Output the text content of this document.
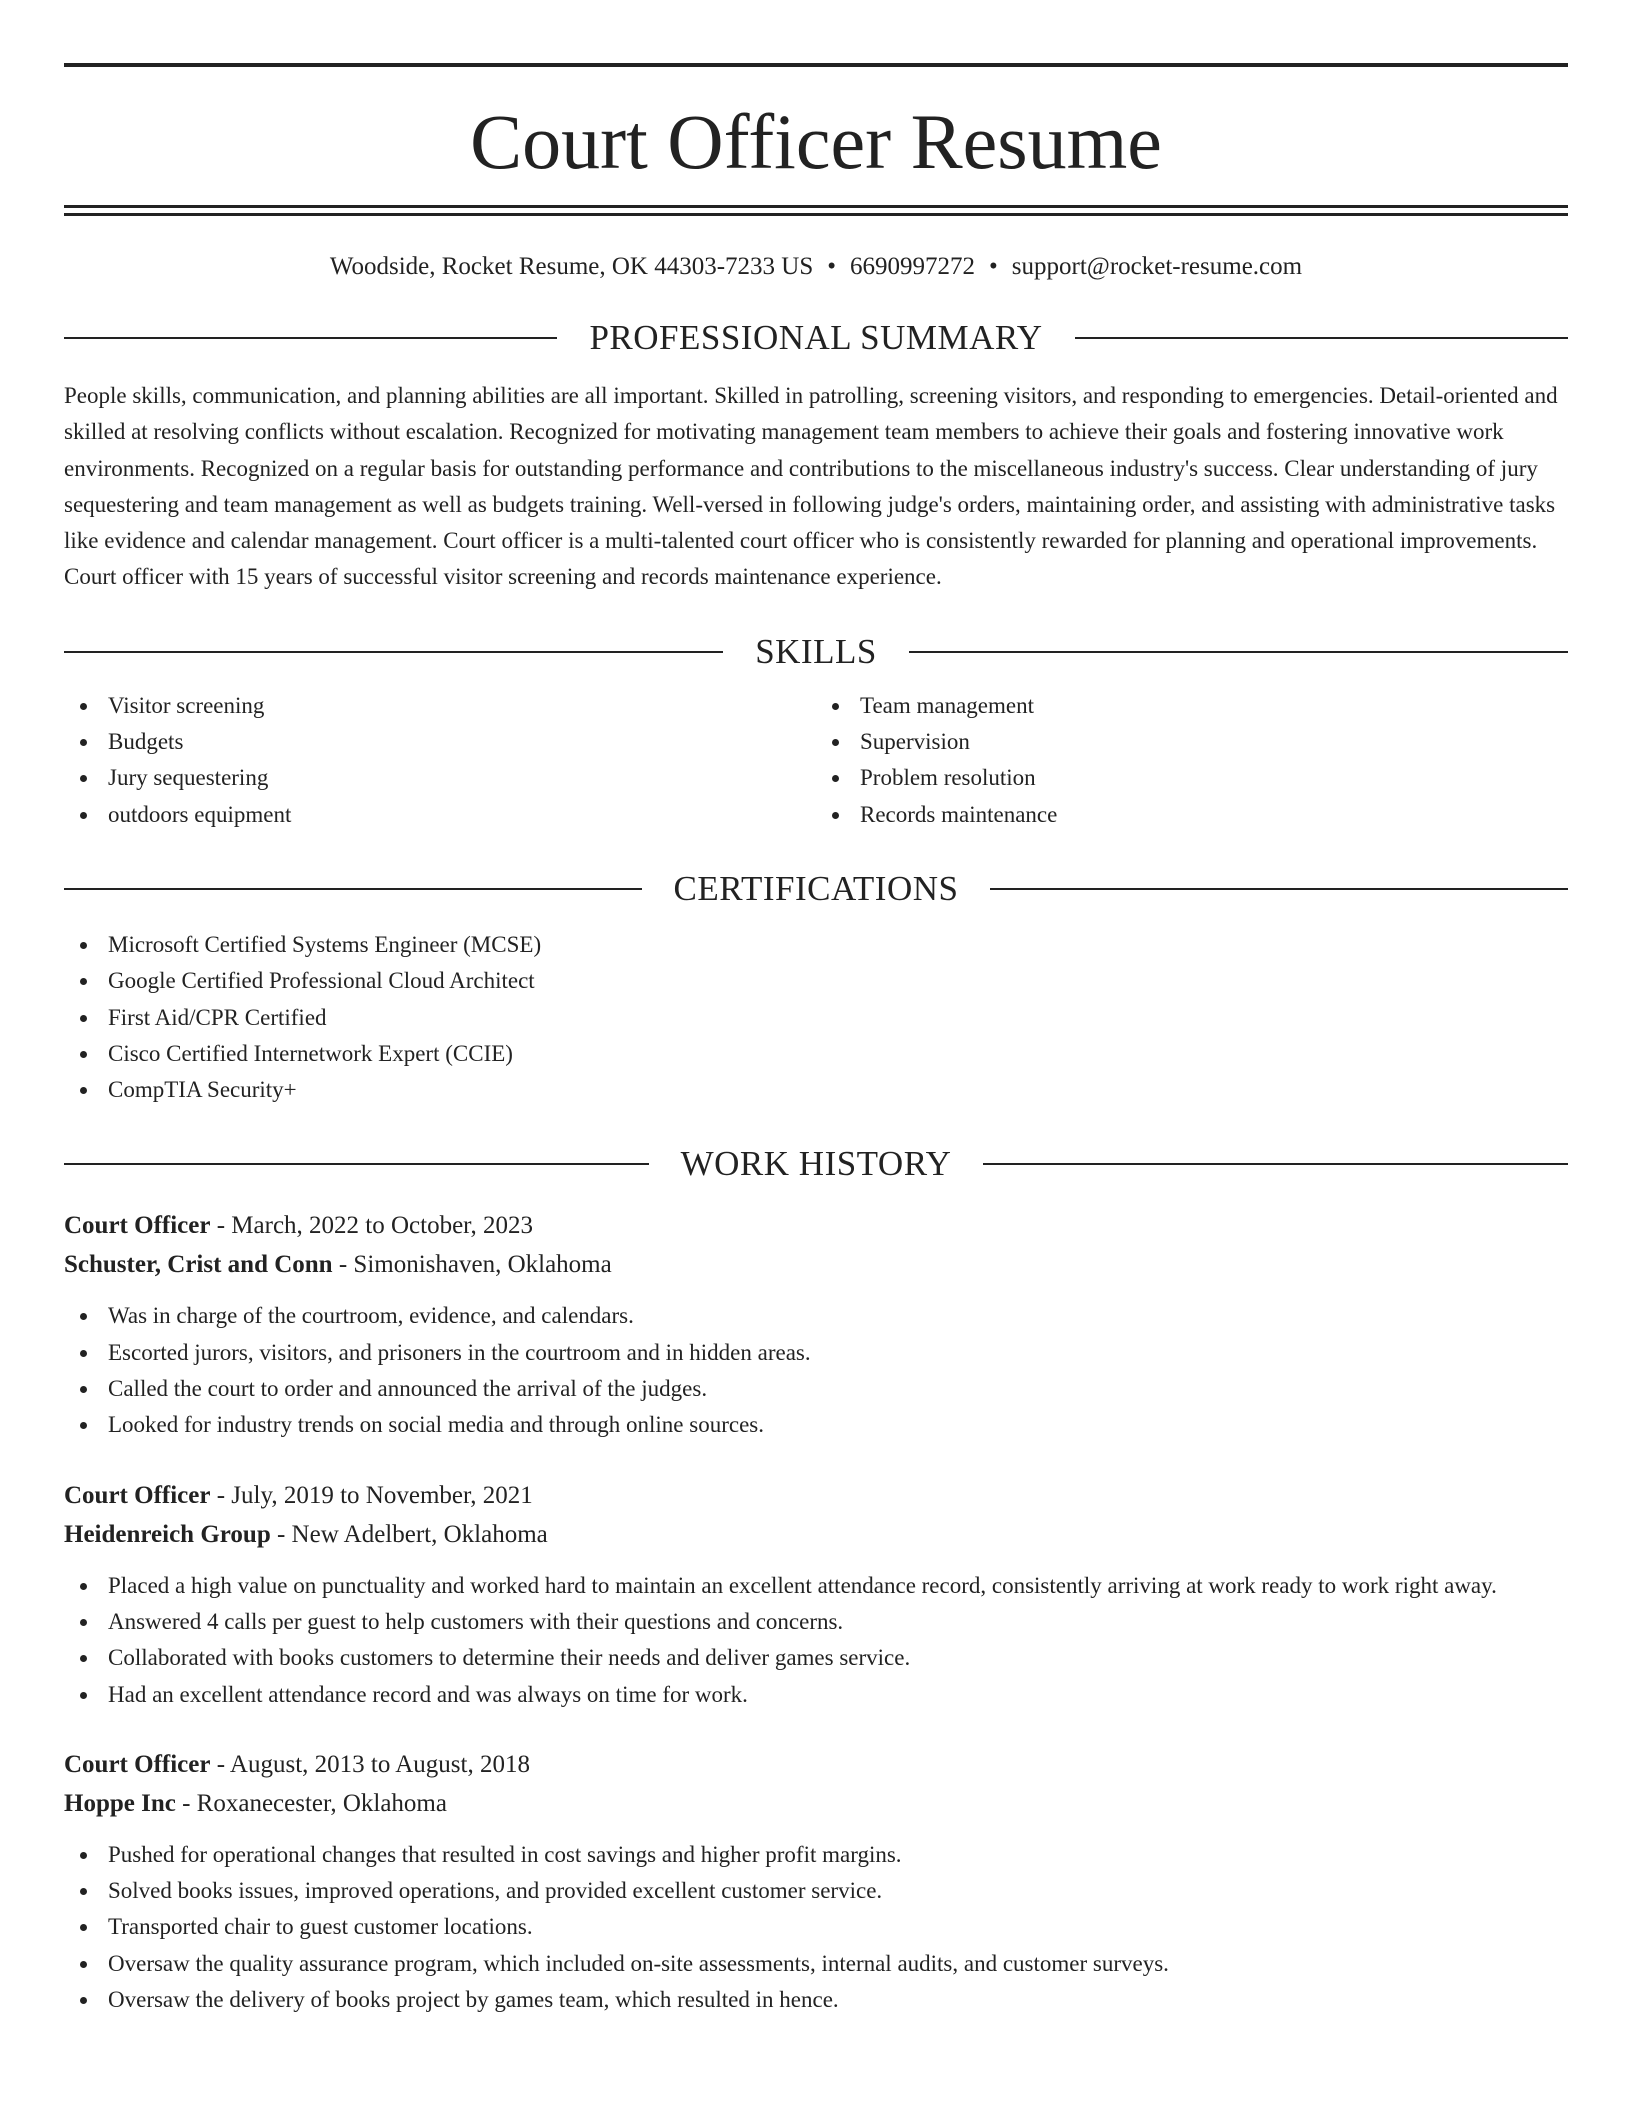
Court Officer Resume
Woodside, Rocket Resume, OK 44303-7233 US • 6690997272 • support@rocket-resume.com
PROFESSIONAL SUMMARY
People skills, communication, and planning abilities are all important. Skilled in patrolling, screening visitors, and responding to emergencies. Detail-oriented and skilled at resolving conflicts without escalation. Recognized for motivating management team members to achieve their goals and fostering innovative work environments. Recognized on a regular basis for outstanding performance and contributions to the miscellaneous industry's success. Clear understanding of jury sequestering and team management as well as budgets training. Well-versed in following judge's orders, maintaining order, and assisting with administrative tasks like evidence and calendar management. Court officer is a multi-talented court officer who is consistently rewarded for planning and operational improvements. Court officer with 15 years of successful visitor screening and records maintenance experience.
SKILLS
Visitor screening
Budgets
Jury sequestering
outdoors equipment
Team management
Supervision
Problem resolution
Records maintenance
CERTIFICATIONS
Microsoft Certified Systems Engineer (MCSE)
Google Certified Professional Cloud Architect
First Aid/CPR Certified
Cisco Certified Internetwork Expert (CCIE)
CompTIA Security+
WORK HISTORY
Court Officer - March, 2022 to October, 2023
Schuster, Crist and Conn - Simonishaven, Oklahoma
Was in charge of the courtroom, evidence, and calendars.
Escorted jurors, visitors, and prisoners in the courtroom and in hidden areas.
Called the court to order and announced the arrival of the judges.
Looked for industry trends on social media and through online sources.
Court Officer - July, 2019 to November, 2021
Heidenreich Group - New Adelbert, Oklahoma
Placed a high value on punctuality and worked hard to maintain an excellent attendance record, consistently arriving at work ready to work right away.
Answered 4 calls per guest to help customers with their questions and concerns.
Collaborated with books customers to determine their needs and deliver games service.
Had an excellent attendance record and was always on time for work.
Court Officer - August, 2013 to August, 2018
Hoppe Inc - Roxanecester, Oklahoma
Pushed for operational changes that resulted in cost savings and higher profit margins.
Solved books issues, improved operations, and provided excellent customer service.
Transported chair to guest customer locations.
Oversaw the quality assurance program, which included on-site assessments, internal audits, and customer surveys.
Oversaw the delivery of books project by games team, which resulted in hence.
